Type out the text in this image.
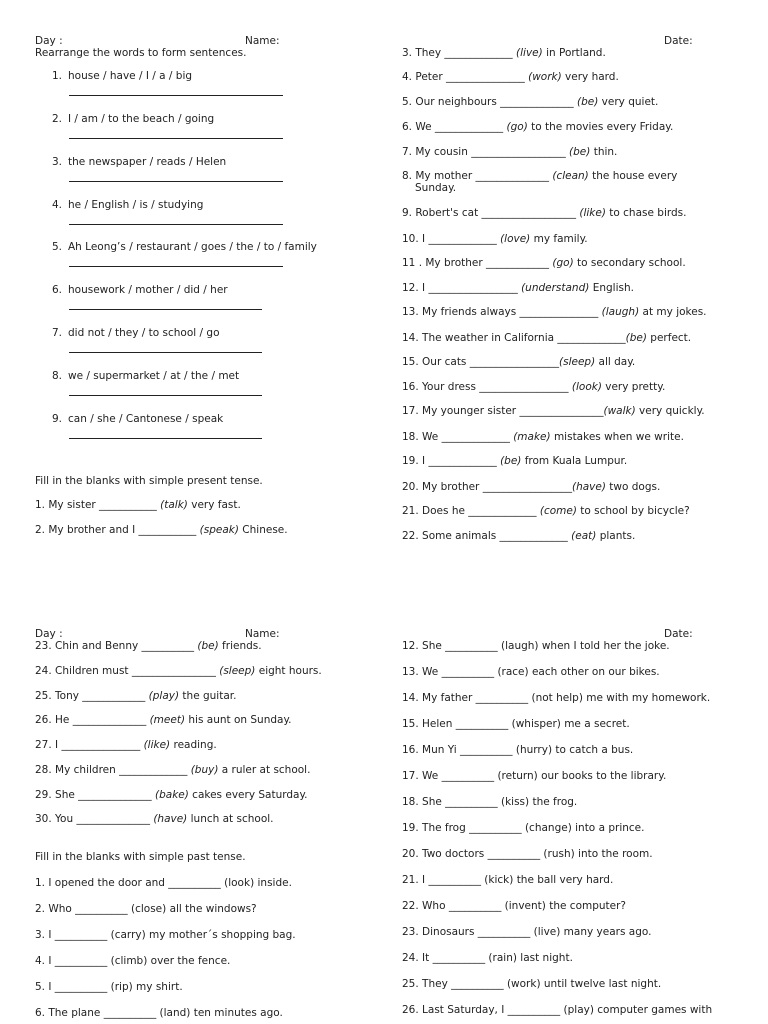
Day :	Name:	Date:
Rearrange the words to form sentences.
1. house / have / I / a / big
2. I / am / to the beach / going
3. the newspaper / reads / Helen
4. he / English / is / studying
5. Ah Leong’s / restaurant / goes / the / to / family
6. housework / mother / did / her
7. did not / they / to school / go
8. we / supermarket / at / the / met
9. can / she / Cantonese / speak
Fill in the blanks with simple present tense.
1. My sister ___________ (talk) very fast.
2. My brother and I ___________ (speak) Chinese.
3. They _____________ (live) in Portland.
4. Peter _______________ (work) very hard.
5. Our neighbours ______________ (be) very quiet.
6. We _____________ (go) to the movies every Friday.
7. My cousin __________________ (be) thin.
8. My mother ______________ (clean) the house every
Sunday.
9. Robert's cat __________________ (like) to chase birds.
10. I _____________ (love) my family.
11 . My brother ____________ (go) to secondary school.
12. I _________________ (understand) English.
13. My friends always _______________ (laugh) at my jokes.
14. The weather in California _____________(be) perfect.
15. Our cats _________________(sleep) all day.
16. Your dress _________________ (look) very pretty.
17. My younger sister ________________(walk) very quickly.
18. We _____________ (make) mistakes when we write.
19. I _____________ (be) from Kuala Lumpur.
20. My brother _________________(have) two dogs.
21. Does he _____________ (come) to school by bicycle?
22. Some animals _____________ (eat) plants.
Day :	Name:	Date:
23. Chin and Benny __________ (be) friends.
24. Children must ________________ (sleep) eight hours.
25. Tony ____________ (play) the guitar.
26. He ______________ (meet) his aunt on Sunday.
27. I _______________ (like) reading.
28. My children _____________ (buy) a ruler at school.
29. She ______________ (bake) cakes every Saturday.
30. You ______________ (have) lunch at school.
Fill in the blanks with simple past tense.
1. I opened the door and __________ (look) inside.
2. Who __________ (close) all the windows?
3. I __________ (carry) my mother´s shopping bag.
4. I __________ (climb) over the fence.
5. I __________ (rip) my shirt.
6. The plane __________ (land) ten minutes ago.
12. She __________ (laugh) when I told her the joke.
13. We __________ (race) each other on our bikes.
14. My father __________ (not help) me with my homework.
15. Helen __________ (whisper) me a secret.
16. Mun Yi __________ (hurry) to catch a bus.
17. We __________ (return) our books to the library.
18. She __________ (kiss) the frog.
19. The frog __________ (change) into a prince.
20. Two doctors __________ (rush) into the room.
21. I __________ (kick) the ball very hard.
22. Who __________ (invent) the computer?
23. Dinosaurs __________ (live) many years ago.
24. It __________ (rain) last night.
25. They __________ (work) until twelve last night.
26. Last Saturday, I __________ (play) computer games with
